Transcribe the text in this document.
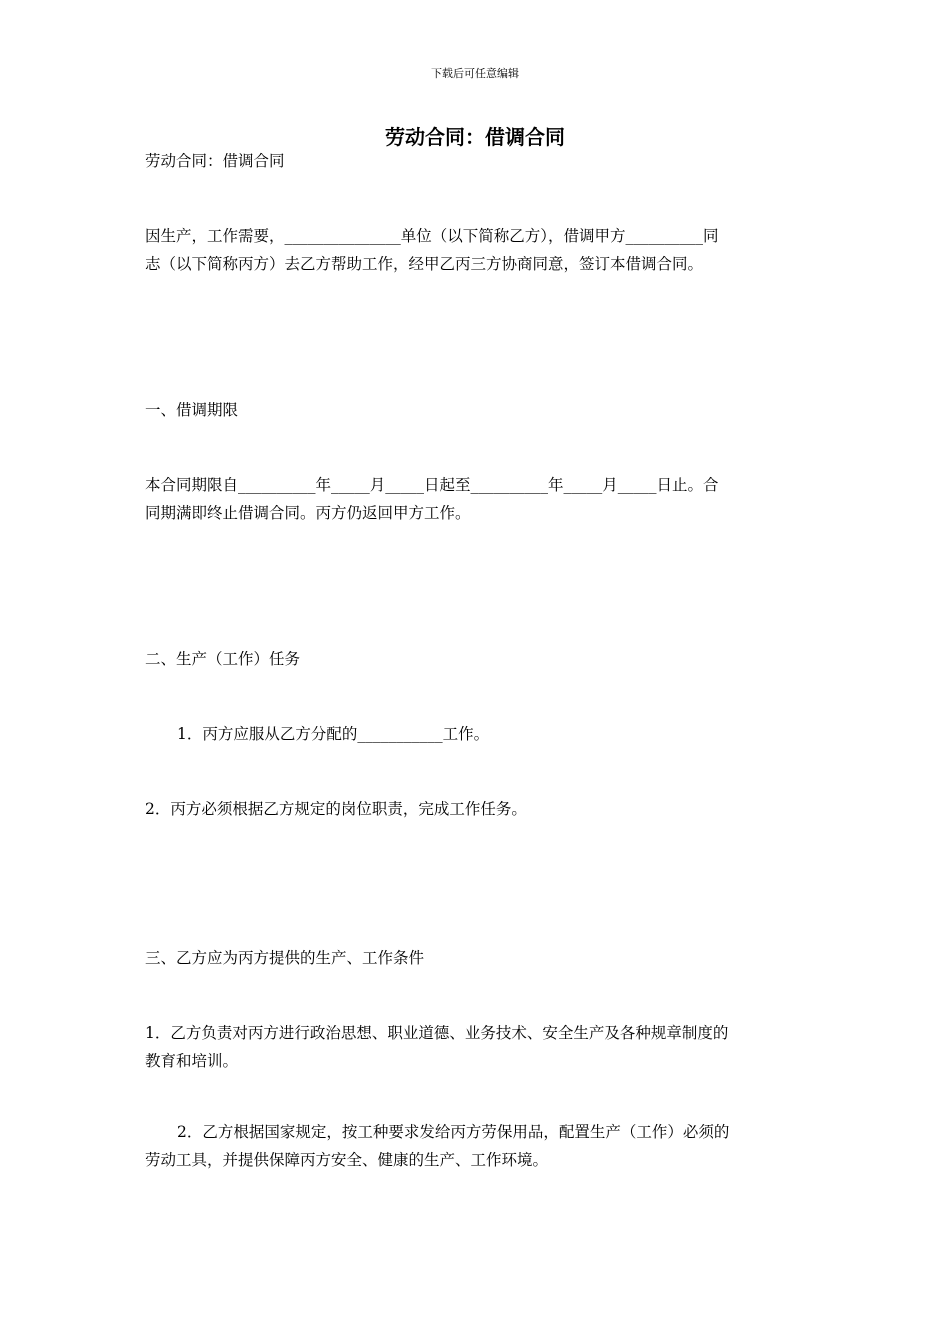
下载后可任意编辑
劳动合同：借调合同
劳动合同：借调合同
因生产，工作需要，_______________单位（以下简称乙方），借调甲方__________同
志（以下简称丙方）去乙方帮助工作，经甲乙丙三方协商同意，签订本借调合同。
一、借调期限
本合同期限自__________年_____月_____日起至__________年_____月_____日止。合
同期满即终止借调合同。丙方仍返回甲方工作。
二、生产（工作）任务
1．丙方应服从乙方分配的___________工作。
2．丙方必须根据乙方规定的岗位职责，完成工作任务。
三、乙方应为丙方提供的生产、工作条件
1．乙方负责对丙方进行政治思想、职业道德、业务技术、安全生产及各种规章制度的
教育和培训。
2．乙方根据国家规定，按工种要求发给丙方劳保用品，配置生产（工作）必须的
劳动工具，并提供保障丙方安全、健康的生产、工作环境。
